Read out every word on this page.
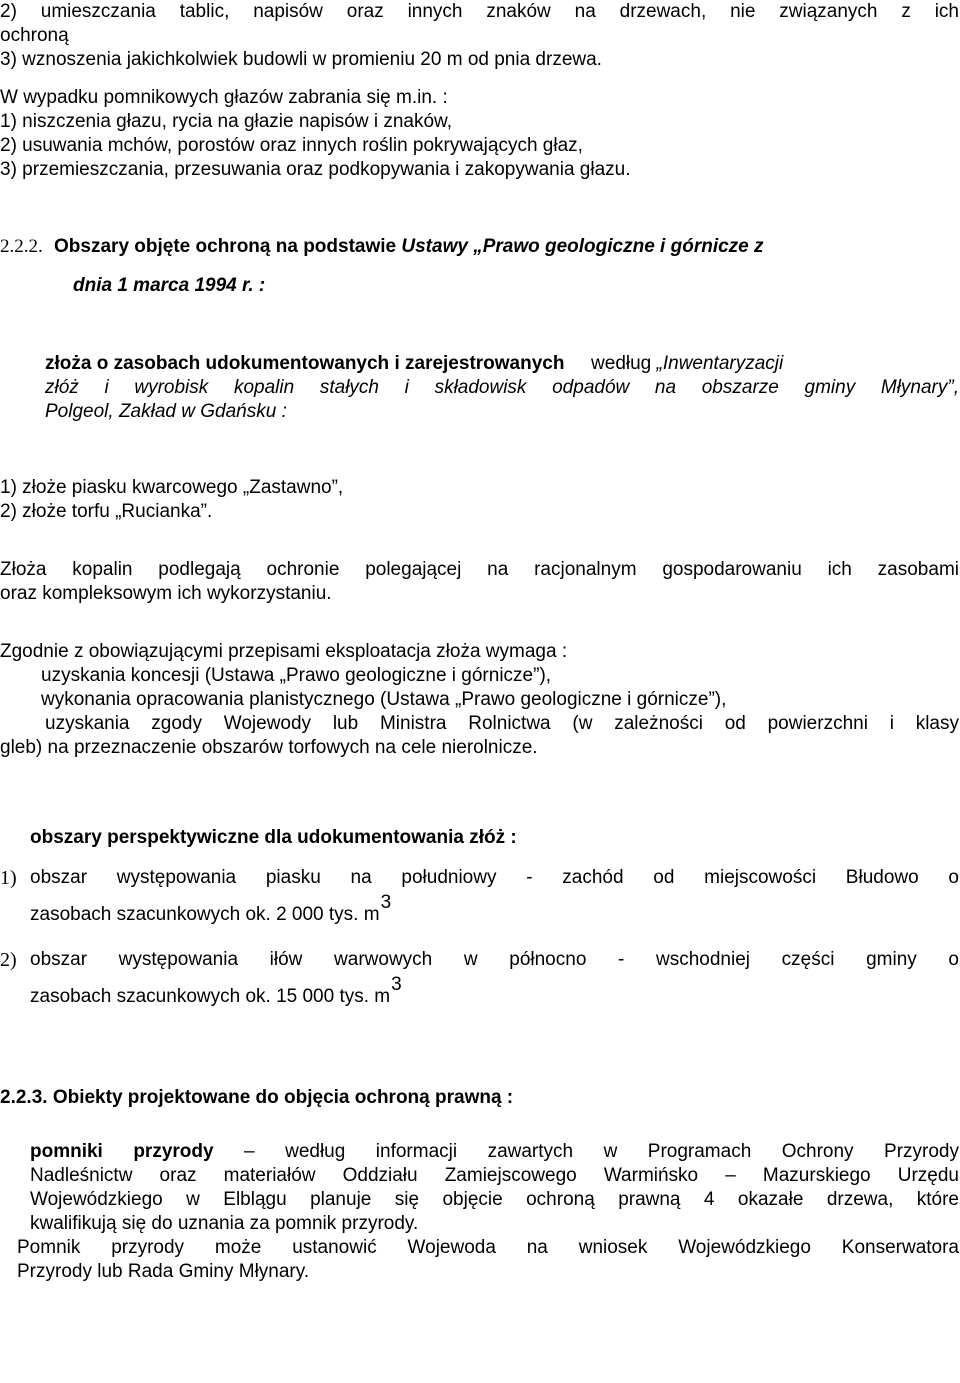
2) umieszczania tablic, napisów oraz innych znaków na drzewach, nie związanych z ich
ochroną
3) wznoszenia jakichkolwiek budowli w promieniu 20 m od pnia drzewa.
W wypadku pomnikowych głazów zabrania się m.in. :
1) niszczenia głazu, rycia na głazie napisów i znaków,
2) usuwania mchów, porostów oraz innych roślin pokrywających głaz,
3) przemieszczania, przesuwania oraz podkopywania i zakopywania głazu.
2.2.2. Obszary objęte ochroną na podstawie Ustawy „Prawo geologiczne i górnicze z
dnia 1 marca 1994 r. :
złoża o zasobach udokumentowanych i zarejestrowanych według „Inwentaryzacji
złóż i wyrobisk kopalin stałych i składowisk odpadów na obszarze gminy Młynary”,
Polgeol, Zakład w Gdańsku :
1) złoże piasku kwarcowego „Zastawno”,
2) złoże torfu „Rucianka”.
Złoża kopalin podlegają ochronie polegającej na racjonalnym gospodarowaniu ich zasobami
oraz kompleksowym ich wykorzystaniu.
Zgodnie z obowiązującymi przepisami eksploatacja złoża wymaga :
uzyskania koncesji (Ustawa „Prawo geologiczne i górnicze”),
wykonania opracowania planistycznego (Ustawa „Prawo geologiczne i górnicze”),
uzyskania zgody Wojewody lub Ministra Rolnictwa (w zależności od powierzchni i klasy
gleb) na przeznaczenie obszarów torfowych na cele nierolnicze.
obszary perspektywiczne dla udokumentowania złóż :
1) obszar występowania piasku na południowy - zachód od miejscowości Błudowo o
zasobach szacunkowych ok. 2 000 tys. $m^3$
2) obszar występowania iłów warwowych w północno - wschodniej części gminy o
zasobach szacunkowych ok. 15 000 tys. $m^3$
2.2.3. Obiekty projektowane do objęcia ochroną prawną :
pomniki przyrody – według informacji zawartych w Programach Ochrony Przyrody
Nadleśnictw oraz materiałów Oddziału Zamiejscowego Warmińsko – Mazurskiego Urzędu
Wojewódzkiego w Elblągu planuje się objęcie ochroną prawną 4 okazałe drzewa, które
kwalifikują się do uznania za pomnik przyrody.
Pomnik przyrody może ustanowić Wojewoda na wniosek Wojewódzkiego Konserwatora
Przyrody lub Rada Gminy Młynary.
